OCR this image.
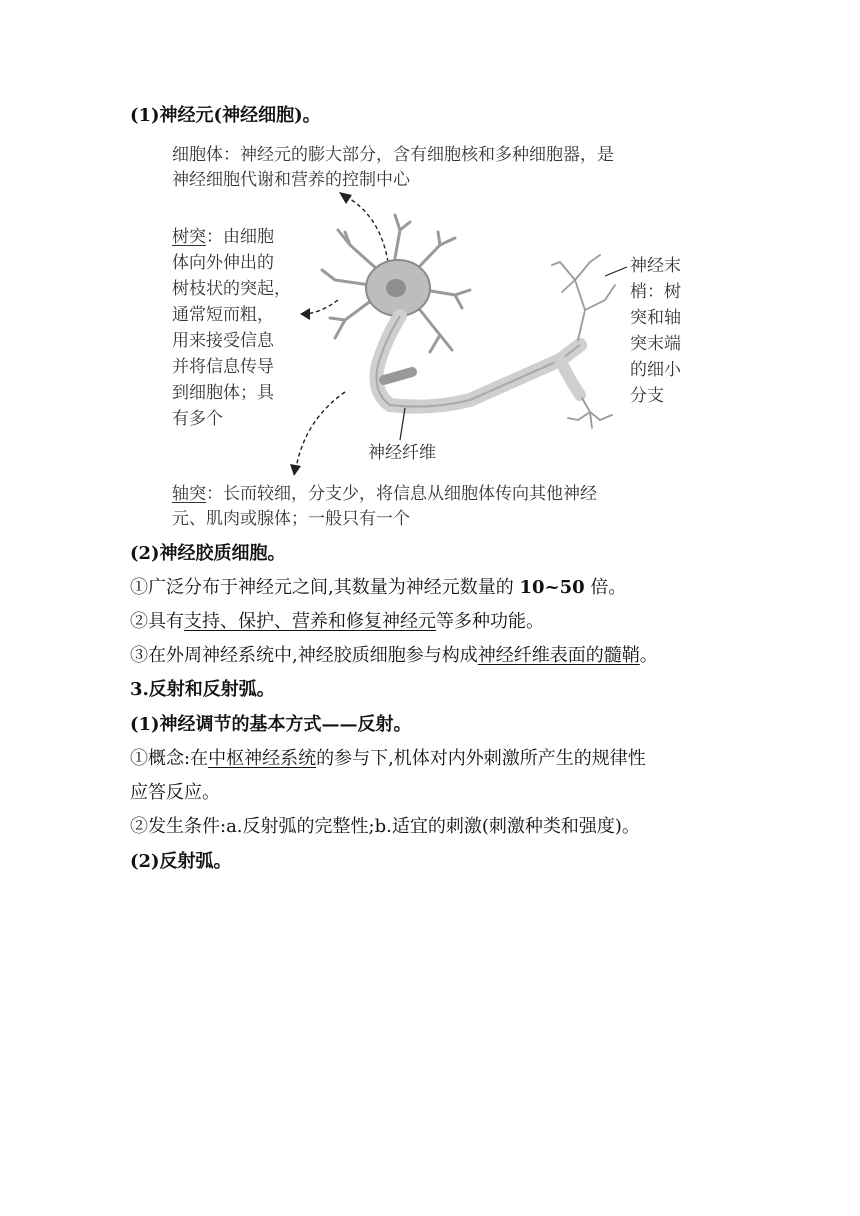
(1)神经元(神经细胞)。
细胞体：神经元的膨大部分，含有细胞核和多种细胞器，是
神经细胞代谢和营养的控制中心
树突：由细胞
体向外伸出的
树枝状的突起，
通常短而粗，
用来接受信息
并将信息传导
到细胞体；具
有多个
神经末
梢：树
突和轴
突末端
的细小
分支
神经纤维
轴突：长而较细，分支少，将信息从细胞体传向其他神经
元、肌肉或腺体；一般只有一个
(2)神经胶质细胞。
①广泛分布于神经元之间,其数量为神经元数量的 10~50 倍。
②具有支持、保护、营养和修复神经元等多种功能。
③在外周神经系统中,神经胶质细胞参与构成神经纤维表面的髓鞘。
3.反射和反射弧。
(1)神经调节的基本方式——反射。
①概念:在中枢神经系统的参与下,机体对内外刺激所产生的规律性
应答反应。
②发生条件:a.反射弧的完整性;b.适宜的刺激(刺激种类和强度)。
(2)反射弧。
